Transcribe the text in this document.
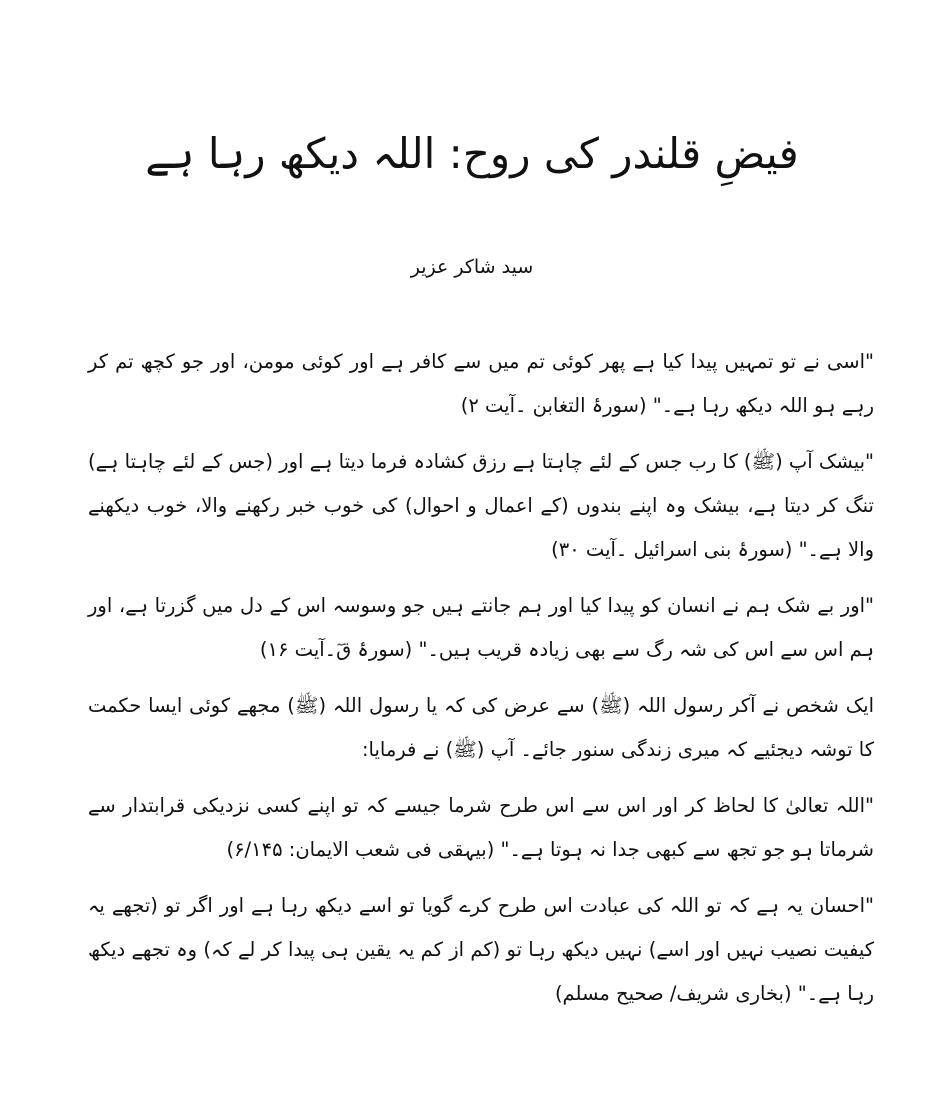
فیضِ قلندر کی روح: اللہ دیکھ رہا ہے
سید شاکر عزیر

"اسی نے تو تمہیں پیدا کیا ہے پھر کوئی تم میں سے کافر ہے اور کوئی مومن، اور جو کچھ تم کر رہے ہو اللہ دیکھ رہا ہے۔" (سورۂ التغابن ۔آیت ۲)

"بیشک آپ (ﷺ) کا رب جس کے لئے چاہتا ہے رزق کشادہ فرما دیتا ہے اور (جس کے لئے چاہتا ہے) تنگ کر دیتا ہے، بیشک وہ اپنے بندوں (کے اعمال و احوال) کی خوب خبر رکھنے والا، خوب دیکھنے والا ہے۔" (سورۂ بنی اسرائیل ۔آیت ۳۰)

"اور بے شک ہم نے انسان کو پیدا کیا اور ہم جانتے ہیں جو وسوسہ اس کے دل میں گزرتا ہے، اور ہم اس سے اس کی شہ رگ سے بھی زیادہ قریب ہیں۔" (سورۂ قٓ۔آیت ۱۶)

ایک شخص نے آکر رسول اللہ (ﷺ) سے عرض کی کہ یا رسول اللہ (ﷺ) مجھے کوئی ایسا حکمت کا توشہ دیجئیے کہ میری زندگی سنور جائے۔ آپ (ﷺ) نے فرمایا:

"اللہ تعالیٰ کا لحاظ کر اور اس سے اس طرح شرما جیسے کہ تو اپنے کسی نزدیکی قرابتدار سے شرماتا ہو جو تجھ سے کبھی جدا نہ ہوتا ہے۔" (بیہقی فی شعب الایمان: ۶/۱۴۵)

"احسان یہ ہے کہ تو اللہ کی عبادت اس طرح کرے گویا تو اسے دیکھ رہا ہے اور اگر تو (تجھے یہ کیفیت نصیب نہیں اور اسے) نہیں دیکھ رہا تو (کم از کم یہ یقین ہی پیدا کر لے کہ) وہ تجھے دیکھ رہا ہے۔" (بخاری شریف/ صحیح مسلم)
